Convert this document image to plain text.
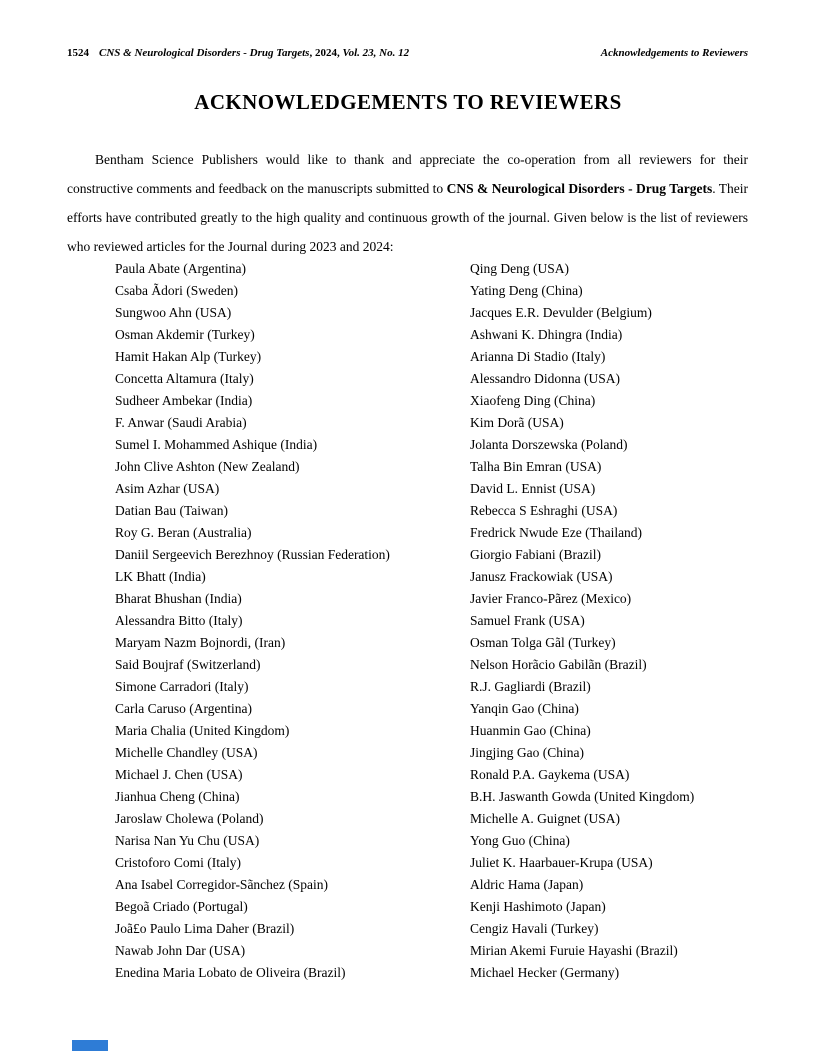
1524 CNS & Neurological Disorders - Drug Targets, 2024, Vol. 23, No. 12	Acknowledgements to Reviewers
ACKNOWLEDGEMENTS TO REVIEWERS

Bentham Science Publishers would like to thank and appreciate the co-operation from all reviewers for their constructive comments and feedback on the manuscripts submitted to CNS & Neurological Disorders - Drug Targets. Their efforts have contributed greatly to the high quality and continuous growth of the journal. Given below is the list of reviewers who reviewed articles for the Journal during 2023 and 2024:

Paula Abate (Argentina)
Csaba Ãdori (Sweden)
Sungwoo Ahn (USA)
Osman Akdemir (Turkey)
Hamit Hakan Alp (Turkey)
Concetta Altamura (Italy)
Sudheer Ambekar (India)
F. Anwar (Saudi Arabia)
Sumel I. Mohammed Ashique (India)
John Clive Ashton (New Zealand)
Asim Azhar (USA)
Datian Bau (Taiwan)
Roy G. Beran (Australia)
Daniil Sergeevich Berezhnoy (Russian Federation)
LK Bhatt (India)
Bharat Bhushan (India)
Alessandra Bitto (Italy)
Maryam Nazm Bojnordi, (Iran)
Said Boujraf (Switzerland)
Simone Carradori (Italy)
Carla Caruso (Argentina)
Maria Chalia (United Kingdom)
Michelle Chandley (USA)
Michael J. Chen (USA)
Jianhua Cheng (China)
Jaroslaw Cholewa (Poland)
Narisa Nan Yu Chu (USA)
Cristoforo Comi (Italy)
Ana Isabel Corregidor-Sãnchez (Spain)
Begoã Criado (Portugal)
Joã£o Paulo Lima Daher (Brazil)
Nawab John Dar (USA)
Enedina Maria Lobato de Oliveira (Brazil)
Qing Deng (USA)
Yating Deng (China)
Jacques E.R. Devulder (Belgium)
Ashwani K. Dhingra (India)
Arianna Di Stadio (Italy)
Alessandro Didonna (USA)
Xiaofeng Ding (China)
Kim Dorã (USA)
Jolanta Dorszewska (Poland)
Talha Bin Emran (USA)
David L. Ennist (USA)
Rebecca S Eshraghi (USA)
Fredrick Nwude Eze (Thailand)
Giorgio Fabiani (Brazil)
Janusz Frackowiak (USA)
Javier Franco-Pãrez (Mexico)
Samuel Frank (USA)
Osman Tolga Gãl (Turkey)
Nelson Horãcio Gabilãn (Brazil)
R.J. Gagliardi (Brazil)
Yanqin Gao (China)
Huanmin Gao (China)
Jingjing Gao (China)
Ronald P.A. Gaykema (USA)
B.H. Jaswanth Gowda (United Kingdom)
Michelle A. Guignet (USA)
Yong Guo (China)
Juliet K. Haarbauer-Krupa (USA)
Aldric Hama (Japan)
Kenji Hashimoto (Japan)
Cengiz Havali (Turkey)
Mirian Akemi Furuie Hayashi (Brazil)
Michael Hecker (Germany)
